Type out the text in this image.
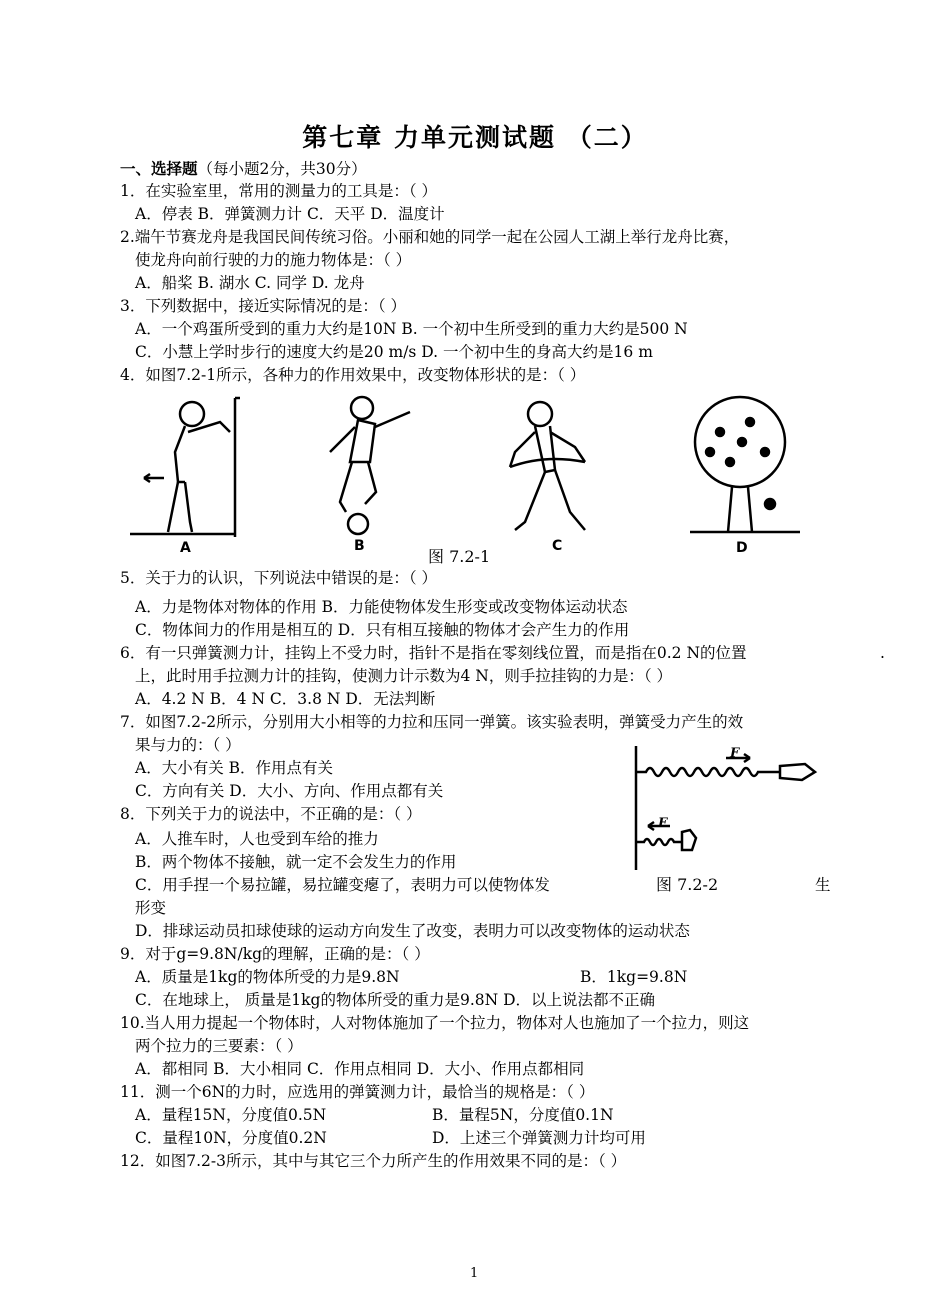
第七章 力单元测试题 （二）
一、选择题（每小题2分，共30分）
1．在实验室里，常用的测量力的工具是：（ ）
A．停表 B．弹簧测力计 C．天平 D．温度计
2.端午节赛龙舟是我国民间传统习俗。小丽和她的同学一起在公园人工湖上举行龙舟比赛，
使龙舟向前行驶的力的施力物体是：（ ）
A．船桨 B. 湖水 C. 同学 D. 龙舟
3．下列数据中，接近实际情况的是：（ ）
A．一个鸡蛋所受到的重力大约是10N B. 一个初中生所受到的重力大约是500 N
C．小慧上学时步行的速度大约是20 m/s D. 一个初中生的身高大约是16 m
4．如图7.2-1所示，各种力的作用效果中，改变物体形状的是：（ ）
A	B
图 7.2-1
C	D
5．关于力的认识，下列说法中错误的是：（ ）
A．力是物体对物体的作用 B．力能使物体发生形变或改变物体运动状态
C．物体间力的作用是相互的 D．只有相互接触的物体才会产生力的作用
6．有一只弹簧测力计，挂钩上不受力时，指针不是指在零刻线位置，而是指在0.2 N的位置	.
上，此时用手拉测力计的挂钩，使测力计示数为4 N，则手拉挂钩的力是：（ ）
A．4.2 N B．4 N C．3.8 N D．无法判断
7．如图7.2-2所示，分别用大小相等的力拉和压同一弹簧。该实验表明，弹簧受力产生的效
果与力的：（ ）
A．大小有关 B．作用点有关
C．方向有关 D．大小、方向、作用点都有关
8．下列关于力的说法中，不正确的是：（ ）
A．人推车时，人也受到车给的推力
B．两个物体不接触，就一定不会发生力的作用
C．用手捏一个易拉罐，易拉罐变瘪了，表明力可以使物体发
形变
F
F
图 7.2-2	生
D．排球运动员扣球使球的运动方向发生了改变，表明力可以改变物体的运动状态
9．对于g=9.8N/kg的理解，正确的是：（ ）
A．质量是1kg的物体所受的力是9.8N	B．1kg=9.8N
C．在地球上， 质量是1kg的物体所受的重力是9.8N D．以上说法都不正确
10.当人用力提起一个物体时，人对物体施加了一个拉力，物体对人也施加了一个拉力，则这
两个拉力的三要素：（ ）
A．都相同 B．大小相同 C．作用点相同 D．大小、作用点都相同
11．测一个6N的力时，应选用的弹簧测力计，最恰当的规格是：（ ）
A．量程15N，分度值0.5N	B．量程5N，分度值0.1N
C．量程10N，分度值0.2N	D．上述三个弹簧测力计均可用
12．如图7.2-3所示，其中与其它三个力所产生的作用效果不同的是：（ ）
1
